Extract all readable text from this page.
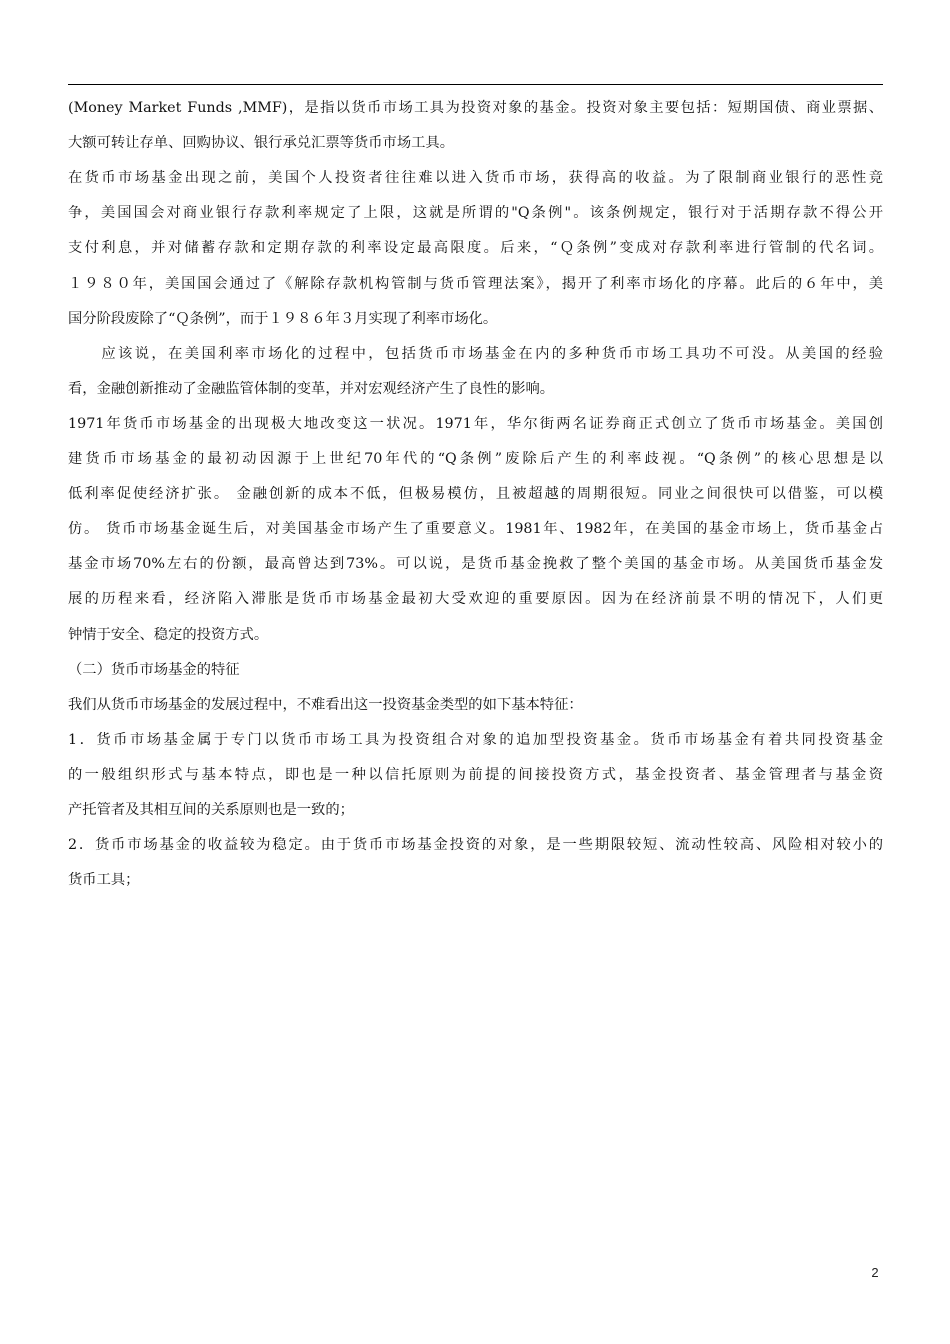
(Money Market Funds ,MMF)，是指以货币市场工具为投资对象的基金。投资对象主要包括：短期国债、商业票据、
大额可转让存单、回购协议、银行承兑汇票等货币市场工具。
在货币市场基金出现之前，美国个人投资者往往难以进入货币市场，获得高的收益。为了限制商业银行的恶性竞
争，美国国会对商业银行存款利率规定了上限，这就是所谓的"Q条例"。该条例规定，银行对于活期存款不得公开
支付利息，并对储蓄存款和定期存款的利率设定最高限度。后来，“Ｑ条例”变成对存款利率进行管制的代名词。
１９８０年，美国国会通过了《解除存款机构管制与货币管理法案》，揭开了利率市场化的序幕。此后的６年中，美
国分阶段废除了“Ｑ条例”，而于１９８６年３月实现了利率市场化。
　　应该说，在美国利率市场化的过程中，包括货币市场基金在内的多种货币市场工具功不可没。从美国的经验
看，金融创新推动了金融监管体制的变革，并对宏观经济产生了良性的影响。
1971年货币市场基金的出现极大地改变这一状况。1971年，华尔街两名证券商正式创立了货币市场基金。美国创
建货币市场基金的最初动因源于上世纪70年代的“Q条例”废除后产生的利率歧视。“Q条例”的核心思想是以
低利率促使经济扩张。 金融创新的成本不低，但极易模仿，且被超越的周期很短。同业之间很快可以借鉴，可以模
仿。 货币市场基金诞生后，对美国基金市场产生了重要意义。1981年、1982年，在美国的基金市场上，货币基金占
基金市场70%左右的份额，最高曾达到73%。可以说，是货币基金挽救了整个美国的基金市场。从美国货币基金发
展的历程来看，经济陷入滞胀是货币市场基金最初大受欢迎的重要原因。因为在经济前景不明的情况下，人们更
钟情于安全、稳定的投资方式。
（二）货币市场基金的特征
我们从货币市场基金的发展过程中，不难看出这一投资基金类型的如下基本特征：
1．货币市场基金属于专门以货币市场工具为投资组合对象的追加型投资基金。货币市场基金有着共同投资基金
的一般组织形式与基本特点，即也是一种以信托原则为前提的间接投资方式，基金投资者、基金管理者与基金资
产托管者及其相互间的关系原则也是一致的；
2．货币市场基金的收益较为稳定。由于货币市场基金投资的对象，是一些期限较短、流动性较高、风险相对较小的
货币工具；
2
